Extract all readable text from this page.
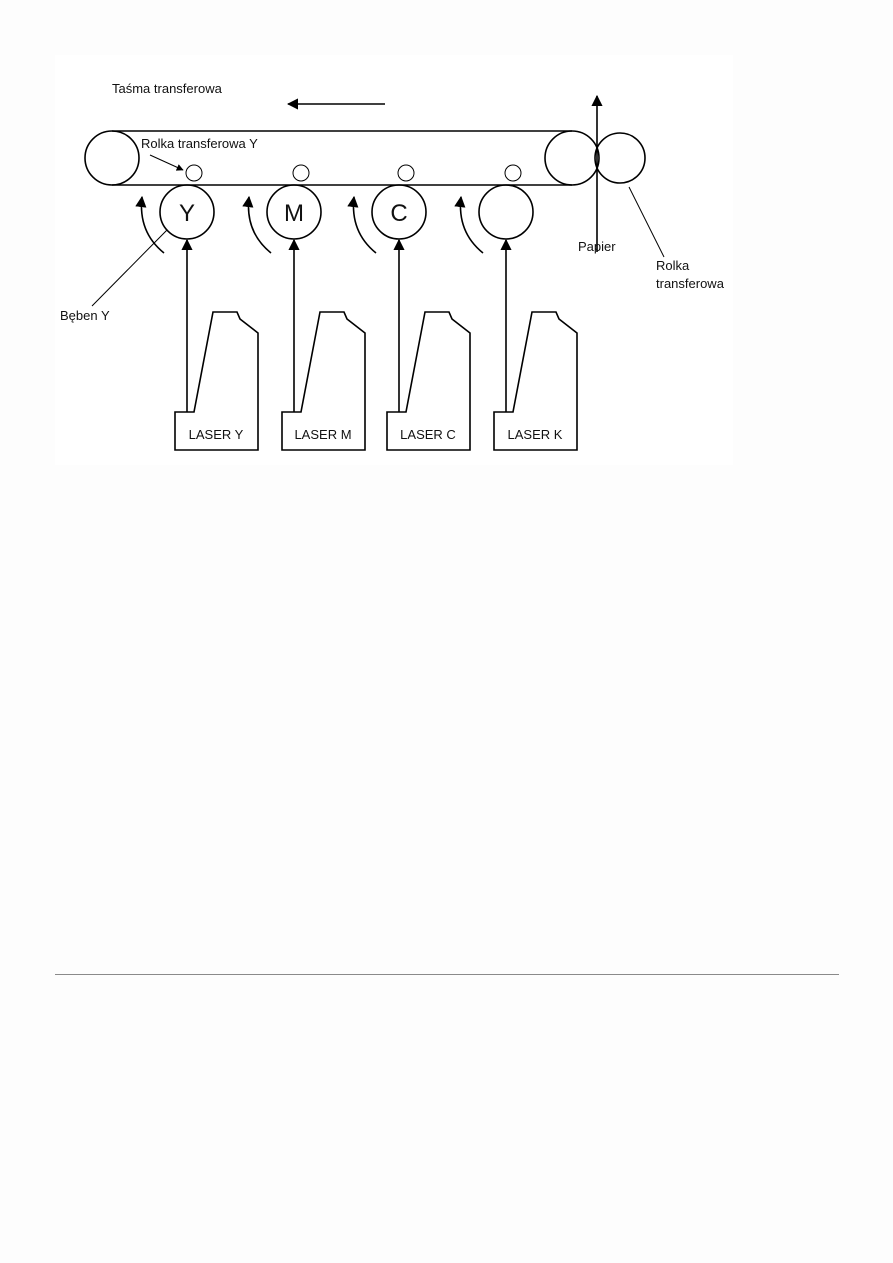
Taśma transferowa
Rolka transferowa Y
Bęben Y
Papier
Rolka
transferowa
Y
LASER Y
M
LASER M
C
LASER C
K
LASER K
